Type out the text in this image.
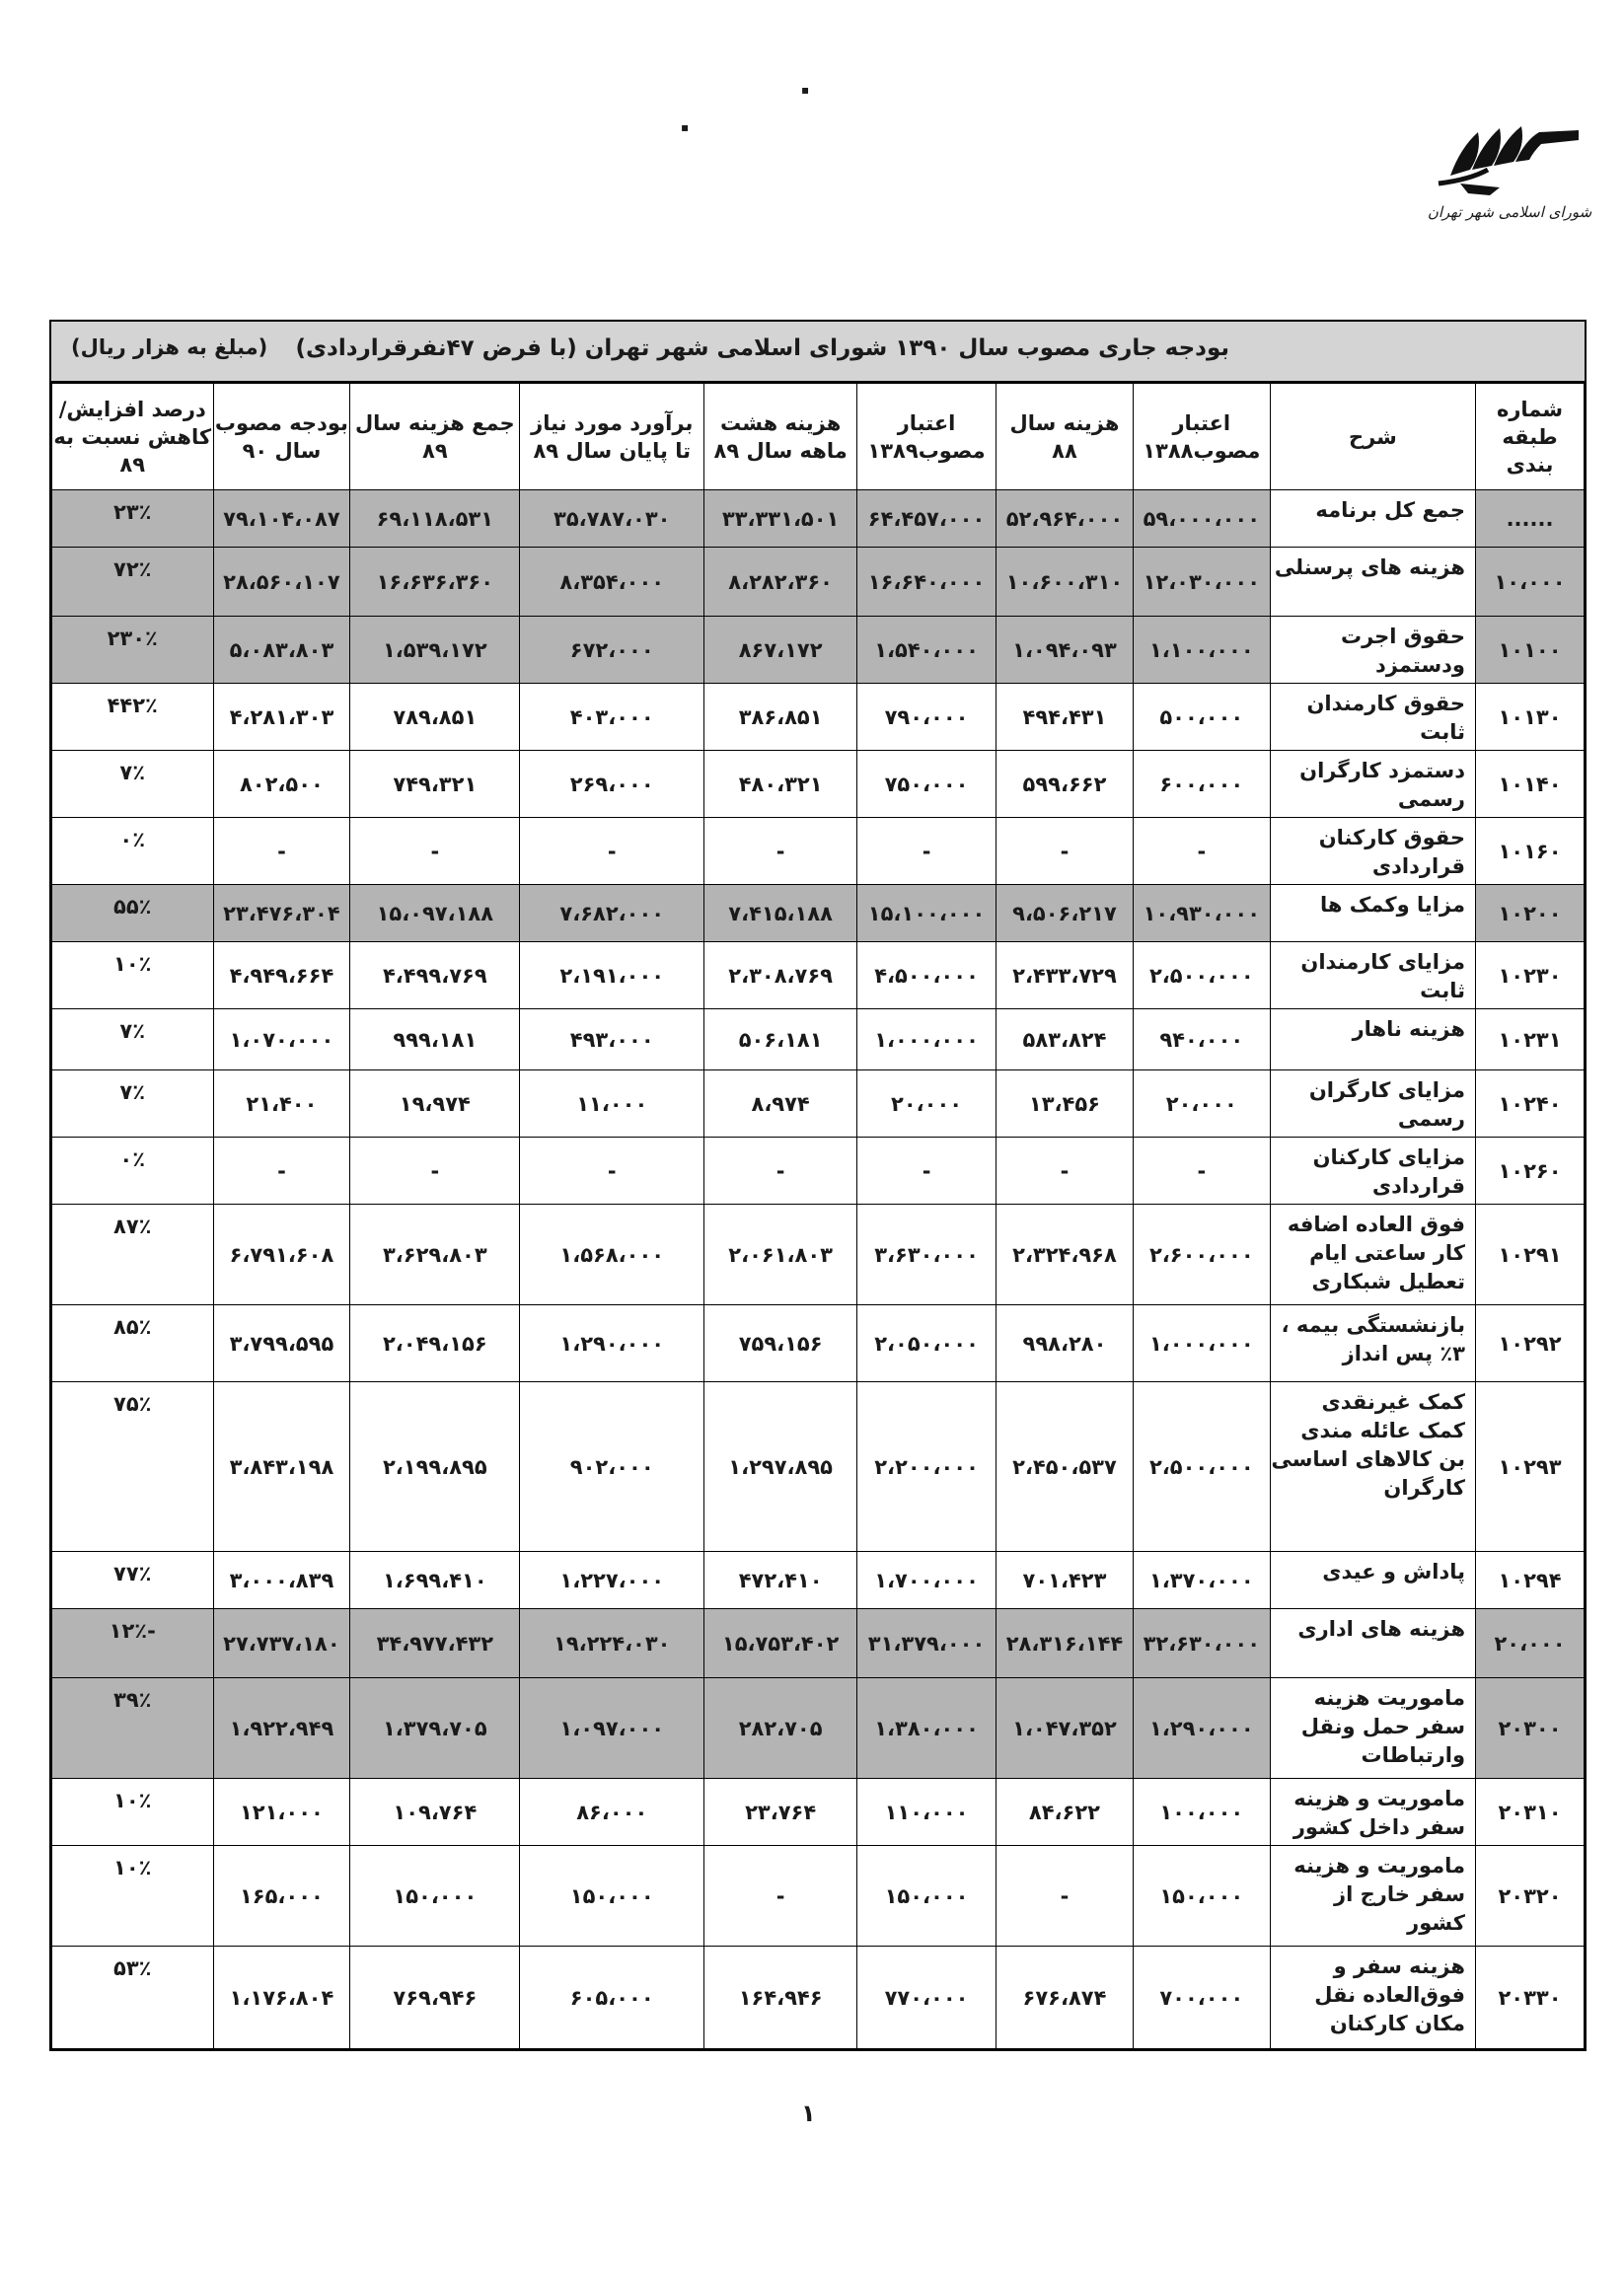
شورای اسلامی شهر تهران
▪
▪
بودجه جاری مصوب سال ۱۳۹۰ شورای اسلامی شهر تهران (با فرض ۴۷نفرقراردادی)
(مبلغ به هزار ریال)
شماره طبقه بندی	شرح	اعتبار مصوب۱۳۸۸	هزینه سال ۸۸	اعتبار مصوب۱۳۸۹	هزینه هشت ماهه سال ۸۹	برآورد مورد نیاز تا پایان سال ۸۹	جمع هزینه سال ۸۹	بودجه مصوب سال ۹۰	درصد افزایش/کاهش نسبت به ۸۹
......	جمع کل برنامه	۵۹،۰۰۰،۰۰۰	۵۲،۹۶۴،۰۰۰	۶۴،۴۵۷،۰۰۰	۳۳،۳۳۱،۵۰۱	۳۵،۷۸۷،۰۳۰	۶۹،۱۱۸،۵۳۱	۷۹،۱۰۴،۰۸۷	۲۳٪
۱۰،۰۰۰	هزینه های پرسنلی	۱۲،۰۳۰،۰۰۰	۱۰،۶۰۰،۳۱۰	۱۶،۶۴۰،۰۰۰	۸،۲۸۲،۳۶۰	۸،۳۵۴،۰۰۰	۱۶،۶۳۶،۳۶۰	۲۸،۵۶۰،۱۰۷	۷۲٪
۱۰۱۰۰	حقوق اجرت ودستمزد	۱،۱۰۰،۰۰۰	۱،۰۹۴،۰۹۳	۱،۵۴۰،۰۰۰	۸۶۷،۱۷۲	۶۷۲،۰۰۰	۱،۵۳۹،۱۷۲	۵،۰۸۳،۸۰۳	۲۳۰٪
۱۰۱۳۰	حقوق کارمندان ثابت	۵۰۰،۰۰۰	۴۹۴،۴۳۱	۷۹۰،۰۰۰	۳۸۶،۸۵۱	۴۰۳،۰۰۰	۷۸۹،۸۵۱	۴،۲۸۱،۳۰۳	۴۴۲٪
۱۰۱۴۰	دستمزد کارگران رسمی	۶۰۰،۰۰۰	۵۹۹،۶۶۲	۷۵۰،۰۰۰	۴۸۰،۳۲۱	۲۶۹،۰۰۰	۷۴۹،۳۲۱	۸۰۲،۵۰۰	۷٪
۱۰۱۶۰	حقوق کارکنان قراردادی	-	-	-	-	-	-	-	۰٪
۱۰۲۰۰	مزایا وکمک ها	۱۰،۹۳۰،۰۰۰	۹،۵۰۶،۲۱۷	۱۵،۱۰۰،۰۰۰	۷،۴۱۵،۱۸۸	۷،۶۸۲،۰۰۰	۱۵،۰۹۷،۱۸۸	۲۳،۴۷۶،۳۰۴	۵۵٪
۱۰۲۳۰	مزایای کارمندان ثابت	۲،۵۰۰،۰۰۰	۲،۴۳۳،۷۲۹	۴،۵۰۰،۰۰۰	۲،۳۰۸،۷۶۹	۲،۱۹۱،۰۰۰	۴،۴۹۹،۷۶۹	۴،۹۴۹،۶۶۴	۱۰٪
۱۰۲۳۱	هزینه ناهار	۹۴۰،۰۰۰	۵۸۳،۸۲۴	۱،۰۰۰،۰۰۰	۵۰۶،۱۸۱	۴۹۳،۰۰۰	۹۹۹،۱۸۱	۱،۰۷۰،۰۰۰	۷٪
۱۰۲۴۰	مزایای کارگران رسمی	۲۰،۰۰۰	۱۳،۴۵۶	۲۰،۰۰۰	۸،۹۷۴	۱۱،۰۰۰	۱۹،۹۷۴	۲۱،۴۰۰	۷٪
۱۰۲۶۰	مزایای کارکنان قراردادی	-	-	-	-	-	-	-	۰٪
۱۰۲۹۱	فوق العاده اضافه کار ساعتی ایام تعطیل شبکاری	۲،۶۰۰،۰۰۰	۲،۳۲۴،۹۶۸	۳،۶۳۰،۰۰۰	۲،۰۶۱،۸۰۳	۱،۵۶۸،۰۰۰	۳،۶۲۹،۸۰۳	۶،۷۹۱،۶۰۸	۸۷٪
۱۰۲۹۲	بازنشستگی بیمه ، ۳٪ پس انداز	۱،۰۰۰،۰۰۰	۹۹۸،۲۸۰	۲،۰۵۰،۰۰۰	۷۵۹،۱۵۶	۱،۲۹۰،۰۰۰	۲،۰۴۹،۱۵۶	۳،۷۹۹،۵۹۵	۸۵٪
۱۰۲۹۳	کمک غیرنقدی کمک عائله مندی بن کالاهای اساسی کارگران	۲،۵۰۰،۰۰۰	۲،۴۵۰،۵۳۷	۲،۲۰۰،۰۰۰	۱،۲۹۷،۸۹۵	۹۰۲،۰۰۰	۲،۱۹۹،۸۹۵	۳،۸۴۳،۱۹۸	۷۵٪
۱۰۲۹۴	پاداش و عیدی	۱،۳۷۰،۰۰۰	۷۰۱،۴۲۳	۱،۷۰۰،۰۰۰	۴۷۲،۴۱۰	۱،۲۲۷،۰۰۰	۱،۶۹۹،۴۱۰	۳،۰۰۰،۸۳۹	۷۷٪
۲۰،۰۰۰	هزینه های اداری	۳۲،۶۳۰،۰۰۰	۲۸،۳۱۶،۱۴۴	۳۱،۳۷۹،۰۰۰	۱۵،۷۵۳،۴۰۲	۱۹،۲۲۴،۰۳۰	۳۴،۹۷۷،۴۳۲	۲۷،۷۳۷،۱۸۰	-۱۲٪
۲۰۳۰۰	ماموریت هزینه سفر حمل ونقل وارتباطات	۱،۲۹۰،۰۰۰	۱،۰۴۷،۳۵۲	۱،۳۸۰،۰۰۰	۲۸۲،۷۰۵	۱،۰۹۷،۰۰۰	۱،۳۷۹،۷۰۵	۱،۹۲۲،۹۴۹	۳۹٪
۲۰۳۱۰	ماموریت و هزینه سفر داخل کشور	۱۰۰،۰۰۰	۸۴،۶۲۲	۱۱۰،۰۰۰	۲۳،۷۶۴	۸۶،۰۰۰	۱۰۹،۷۶۴	۱۲۱،۰۰۰	۱۰٪
۲۰۳۲۰	ماموریت و هزینه سفر خارج از کشور	۱۵۰،۰۰۰	-	۱۵۰،۰۰۰	-	۱۵۰،۰۰۰	۱۵۰،۰۰۰	۱۶۵،۰۰۰	۱۰٪
۲۰۳۳۰	هزینه سفر و فوق‌العاده نقل مکان کارکنان	۷۰۰،۰۰۰	۶۷۶،۸۷۴	۷۷۰،۰۰۰	۱۶۴،۹۴۶	۶۰۵،۰۰۰	۷۶۹،۹۴۶	۱،۱۷۶،۸۰۴	۵۳٪
۱
